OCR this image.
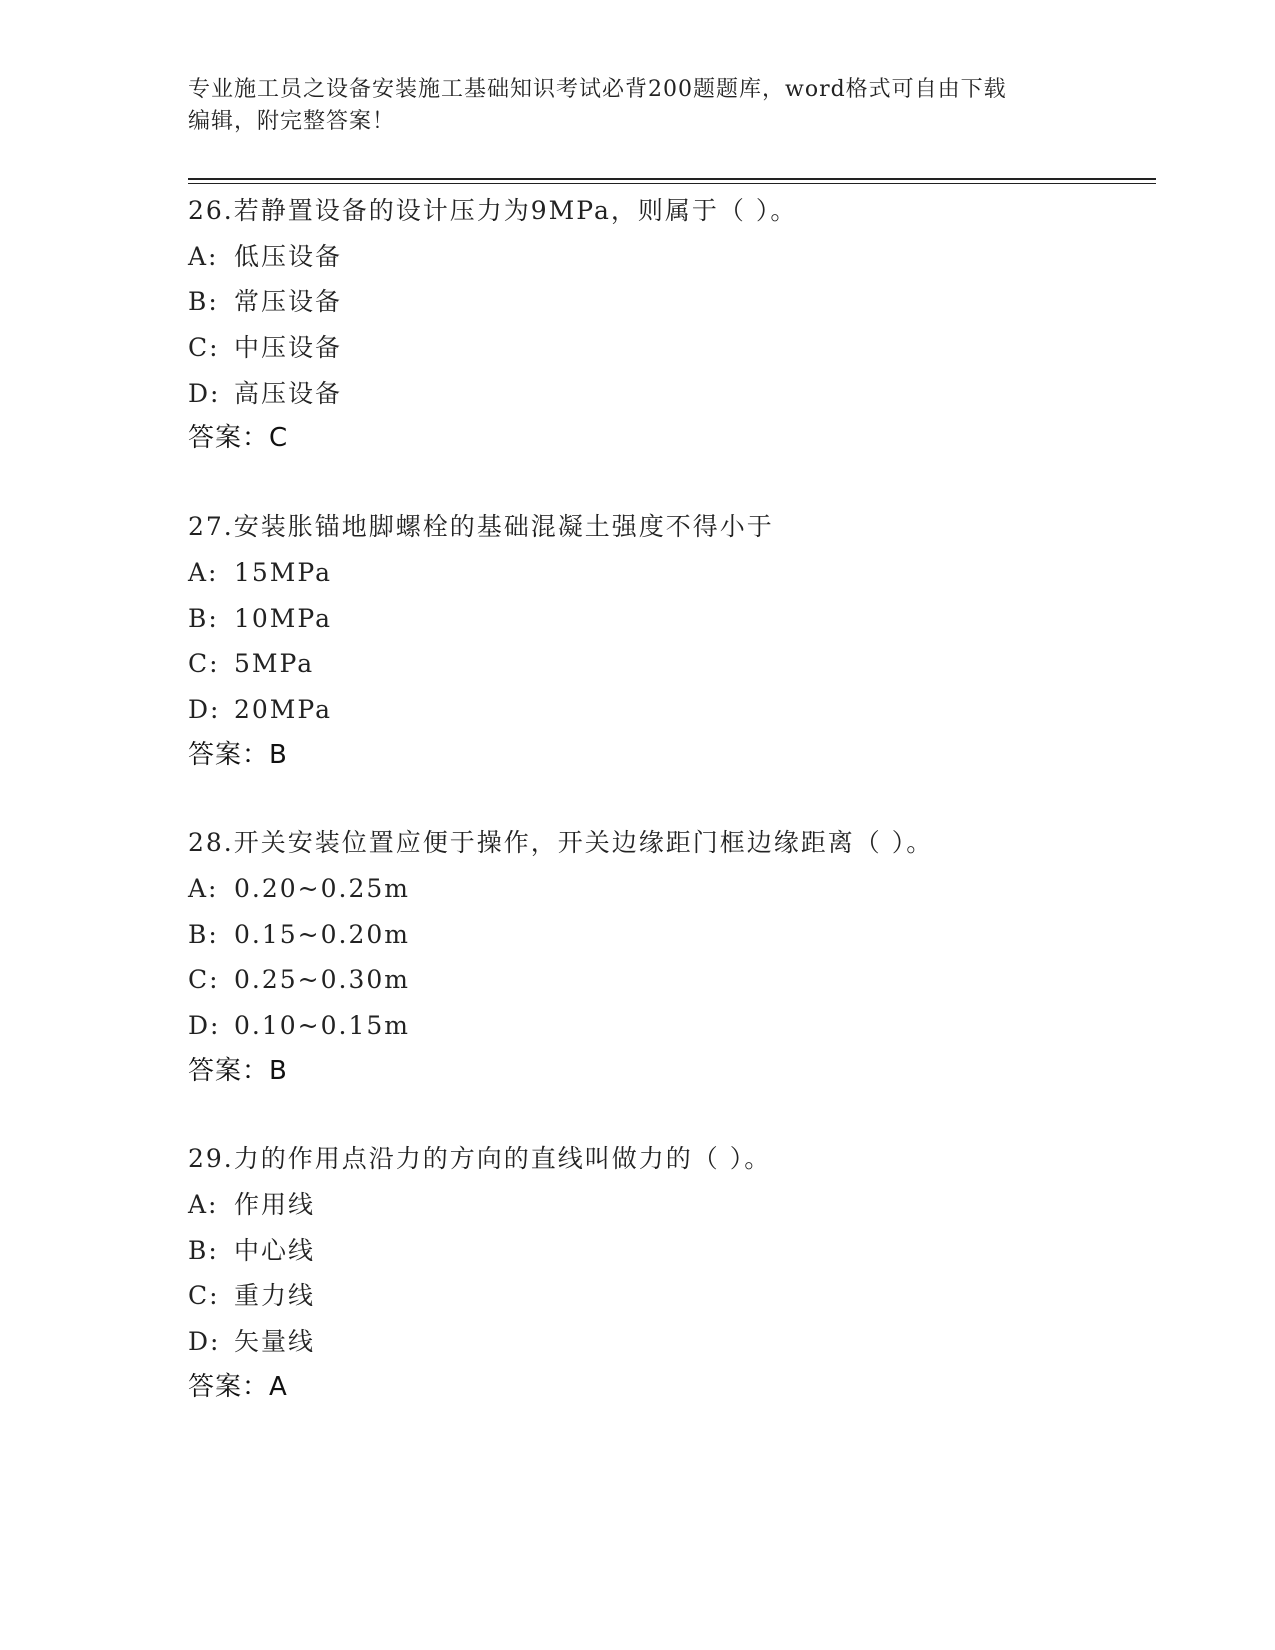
专业施工员之设备安装施工基础知识考试必背200题题库，word格式可自由下载
编辑，附完整答案！
26.若静置设备的设计压力为9MPa，则属于（ ）。
A: 低压设备
B: 常压设备
C: 中压设备
D: 高压设备
答案：C
27.安装胀锚地脚螺栓的基础混凝土强度不得小于
A: 15MPa
B: 10MPa
C: 5MPa
D: 20MPa
答案：B
28.开关安装位置应便于操作，开关边缘距门框边缘距离（ ）。
A: 0.20~0.25m
B: 0.15~0.20m
C: 0.25~0.30m
D: 0.10~0.15m
答案：B
29.力的作用点沿力的方向的直线叫做力的（ ）。
A: 作用线
B: 中心线
C: 重力线
D: 矢量线
答案：A
